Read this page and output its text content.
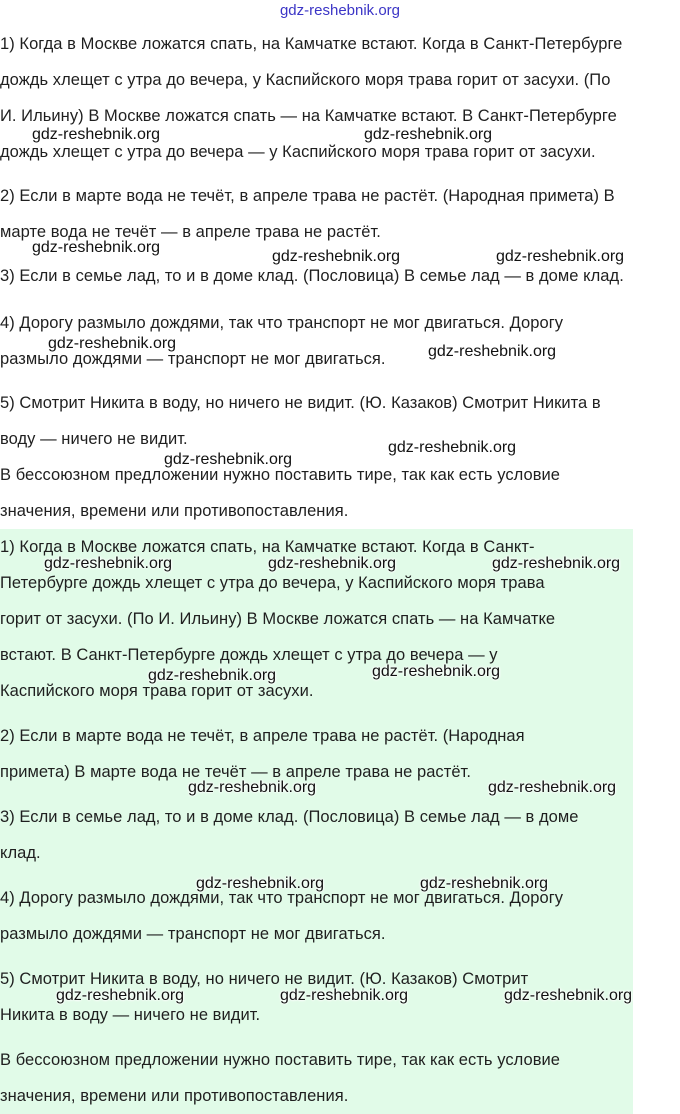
gdz-reshebnik.org
1) Когда в Москве ложатся спать, на Камчатке встают. Когда в Санкт-Петербурге
дождь хлещет с утра до вечера, у Каспийского моря трава горит от засухи. (По
И. Ильину) В Москве ложатся спать — на Камчатке встают. В Санкт-Петербурге
дождь хлещет с утра до вечера — у Каспийского моря трава горит от засухи.
2) Если в марте вода не течёт, в апреле трава не растёт. (Народная примета) В
марте вода не течёт — в апреле трава не растёт.
3) Если в семье лад, то и в доме клад. (Пословица) В семье лад — в доме клад.
4) Дорогу размыло дождями, так что транспорт не мог двигаться. Дорогу
размыло дождями — транспорт не мог двигаться.
5) Смотрит Никита в воду, но ничего не видит. (Ю. Казаков) Смотрит Никита в
воду — ничего не видит.
В бессоюзном предложении нужно поставить тире, так как есть условие
значения, времени или противопоставления.
1) Когда в Москве ложатся спать, на Камчатке встают. Когда в Санкт-
Петербурге дождь хлещет с утра до вечера, у Каспийского моря трава
горит от засухи. (По И. Ильину) В Москве ложатся спать — на Камчатке
встают. В Санкт-Петербурге дождь хлещет с утра до вечера — у
Каспийского моря трава горит от засухи.
2) Если в марте вода не течёт, в апреле трава не растёт. (Народная
примета) В марте вода не течёт — в апреле трава не растёт.
3) Если в семье лад, то и в доме клад. (Пословица) В семье лад — в доме
клад.
4) Дорогу размыло дождями, так что транспорт не мог двигаться. Дорогу
размыло дождями — транспорт не мог двигаться.
5) Смотрит Никита в воду, но ничего не видит. (Ю. Казаков) Смотрит
Никита в воду — ничего не видит.
В бессоюзном предложении нужно поставить тире, так как есть условие
значения, времени или противопоставления.
gdz-reshebnik.org	gdz-reshebnik.org
gdz-reshebnik.org
gdz-reshebnik.org	gdz-reshebnik.org
gdz-reshebnik.org	gdz-reshebnik.org
gdz-reshebnik.org
gdz-reshebnik.org
gdz-reshebnik.org	gdz-reshebnik.org	gdz-reshebnik.org
gdz-reshebnik.org	gdz-reshebnik.org
gdz-reshebnik.org	gdz-reshebnik.org
gdz-reshebnik.org	gdz-reshebnik.org
gdz-reshebnik.org	gdz-reshebnik.org	gdz-reshebnik.org
